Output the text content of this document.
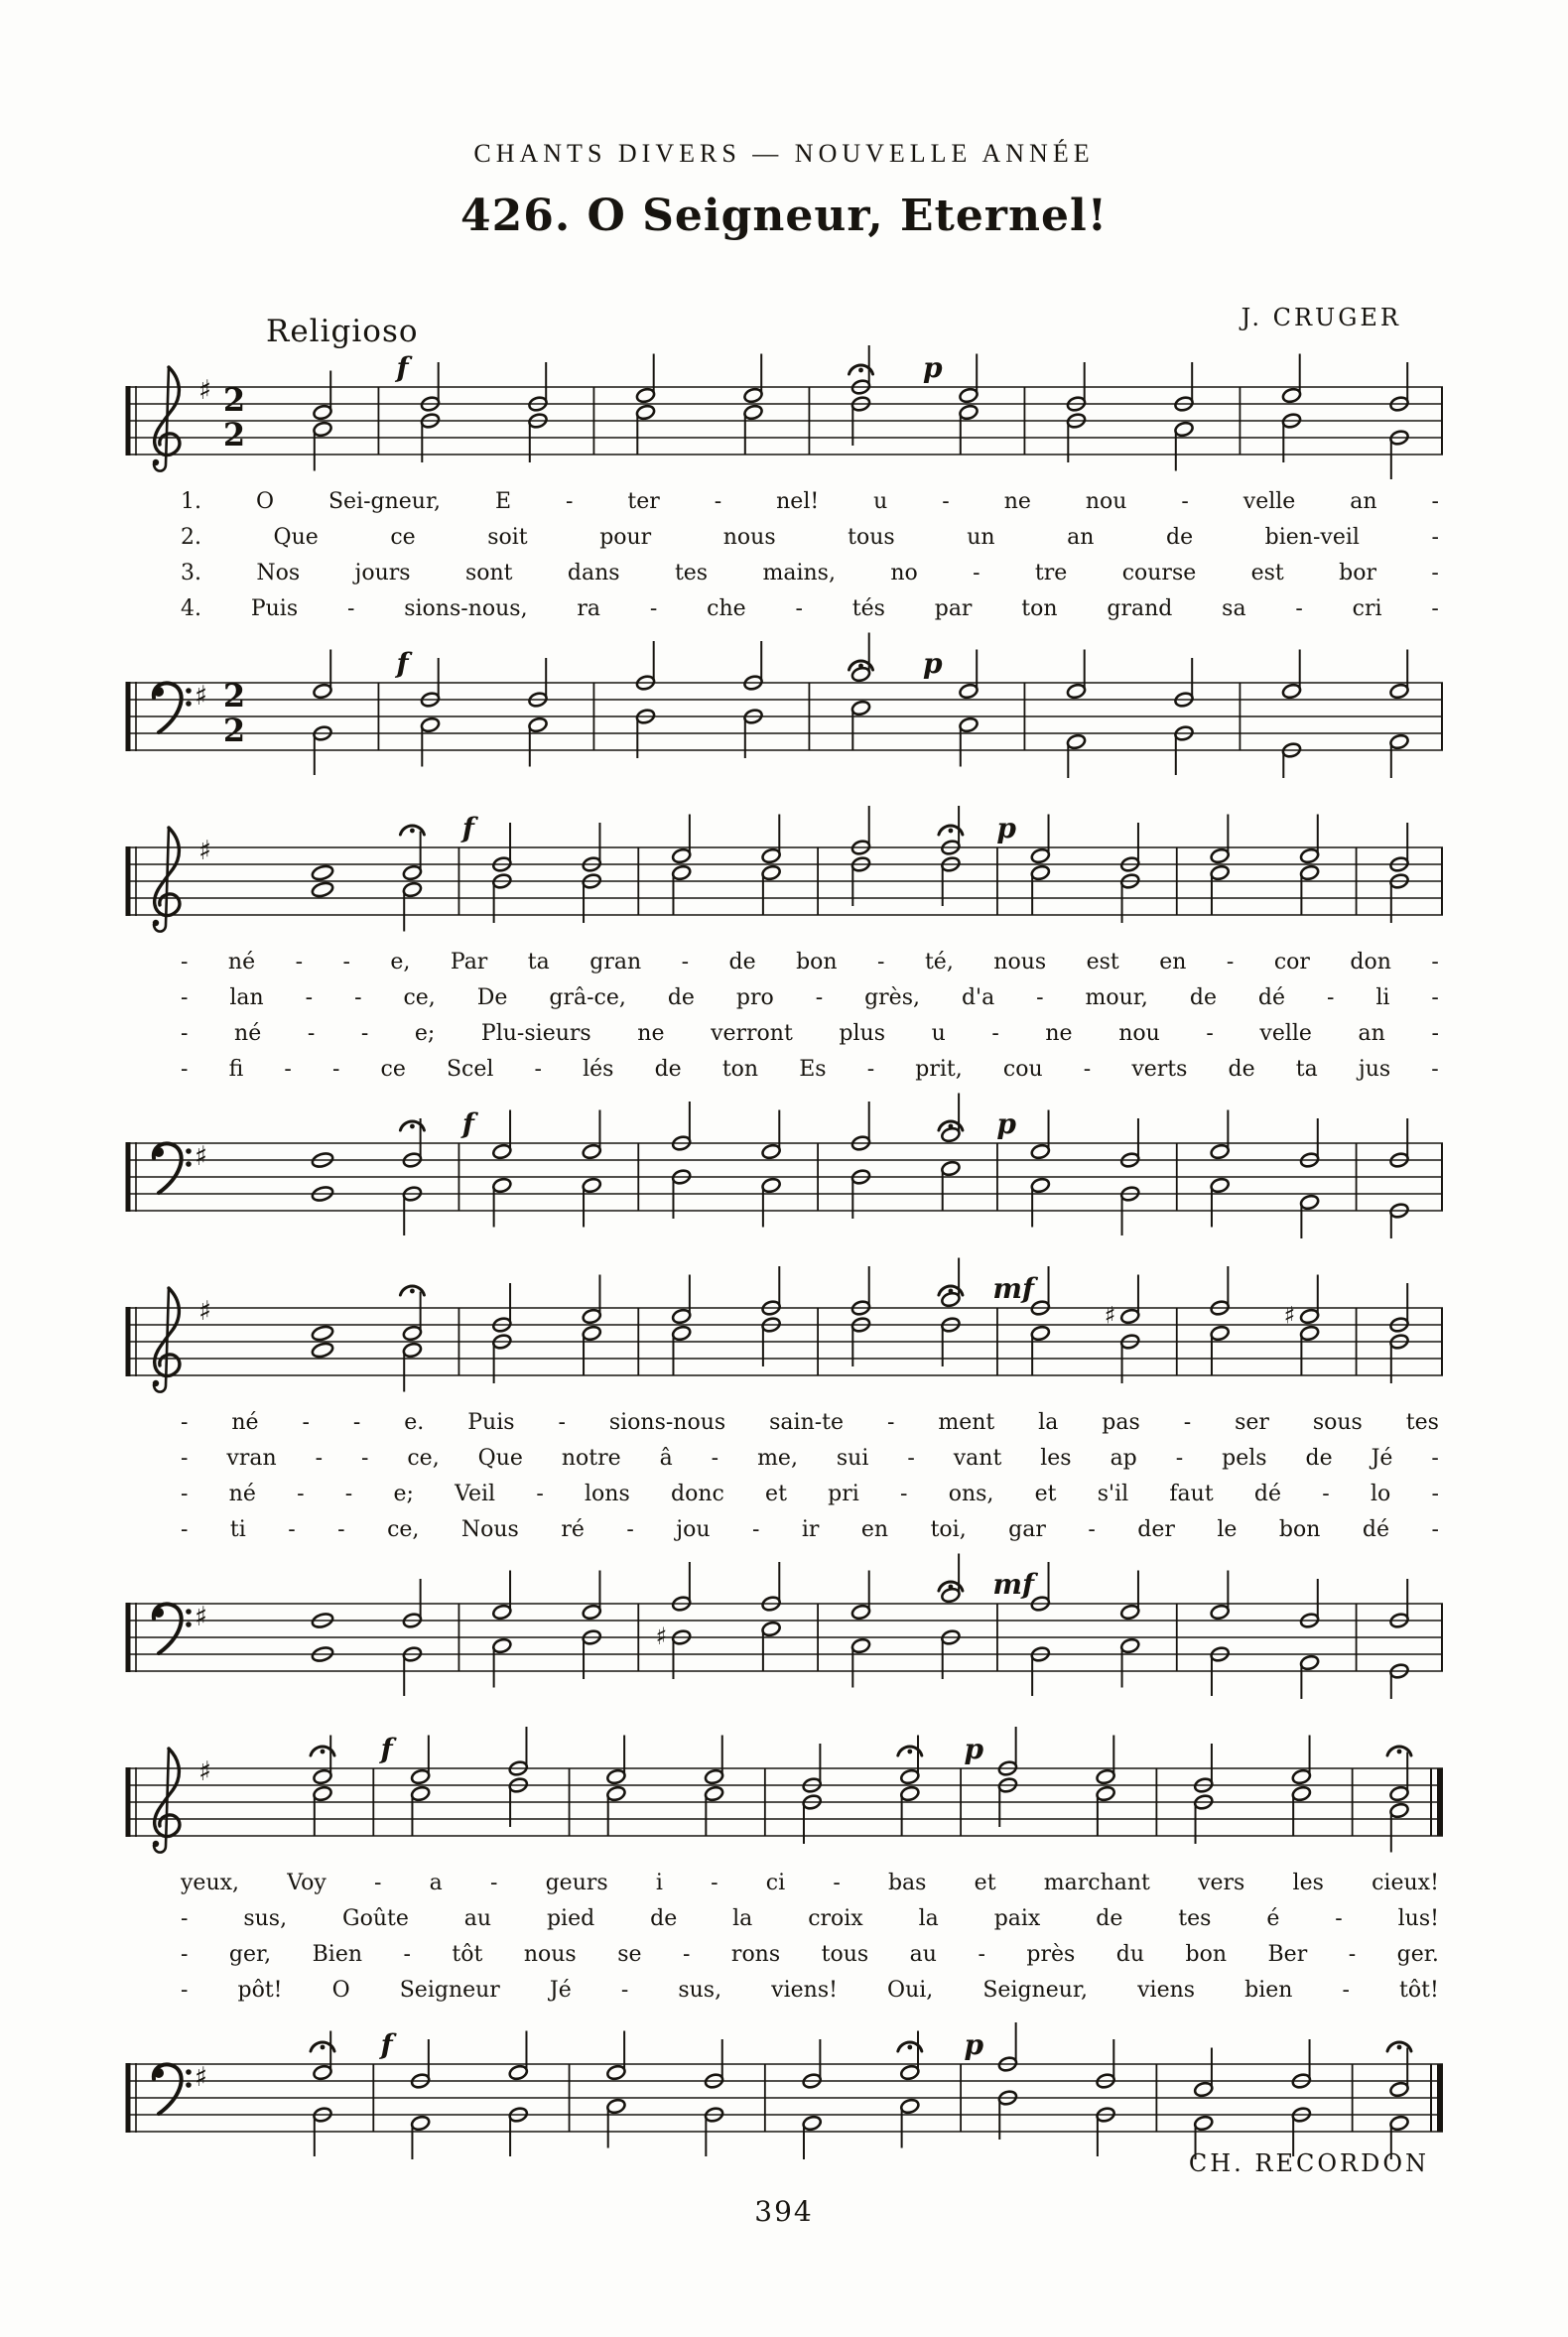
CHANTS DIVERS — NOUVELLE ANNÉE
426. O Seigneur, Eternel!
Religioso	J. CRUGER
♯ 2
2
f	p
1. O Sei-gneur, E - ter - nel! u - ne nou - velle an -
2.	Que	ce	soit	pour	nous	tous	un	an	de	bien-veil	-
3.	Nos	jours	sont	dans	tes	mains,	no	-	tre	course	est	bor	-
4. Puis - sions-nous, ra - che - tés par ton grand sa - cri -
♯ 2
2
f	p
♯
f	p
- né - - e, Par ta gran - de bon - té, nous est en - cor don -
- lan - - ce, De grâ-ce, de pro - grès, d'a - mour, de dé - li -
- né - - e; Plu-sieurs ne verront plus u - ne nou - velle an -
- fi - - ce Scel - lés de ton Es - prit, cou - verts de ta jus -
♯
f	p
♯	♯	♯
mf
- né - - e. Puis - sions-nous sain-te - ment la pas - ser sous tes
- vran - - ce, Que notre â - me, sui - vant les ap - pels de Jé -
- né - - e; Veil - lons donc et pri - ons, et s'il faut dé - lo -
- ti - - ce, Nous ré - jou - ir en toi, gar - der le bon dé -
♯
♯
mf
♯
f	p
yeux, Voy - a - geurs i - ci - bas et marchant vers les cieux!
-	sus,	Goûte	au	pied	de	la	croix	la	paix	de	tes	é	-	lus!
- ger, Bien - tôt nous se - rons tous au - près du bon Ber - ger.
- pôt! O Seigneur Jé - sus, viens! Oui, Seigneur, viens bien - tôt!
♯
f	p
CH. RECORDON
394
